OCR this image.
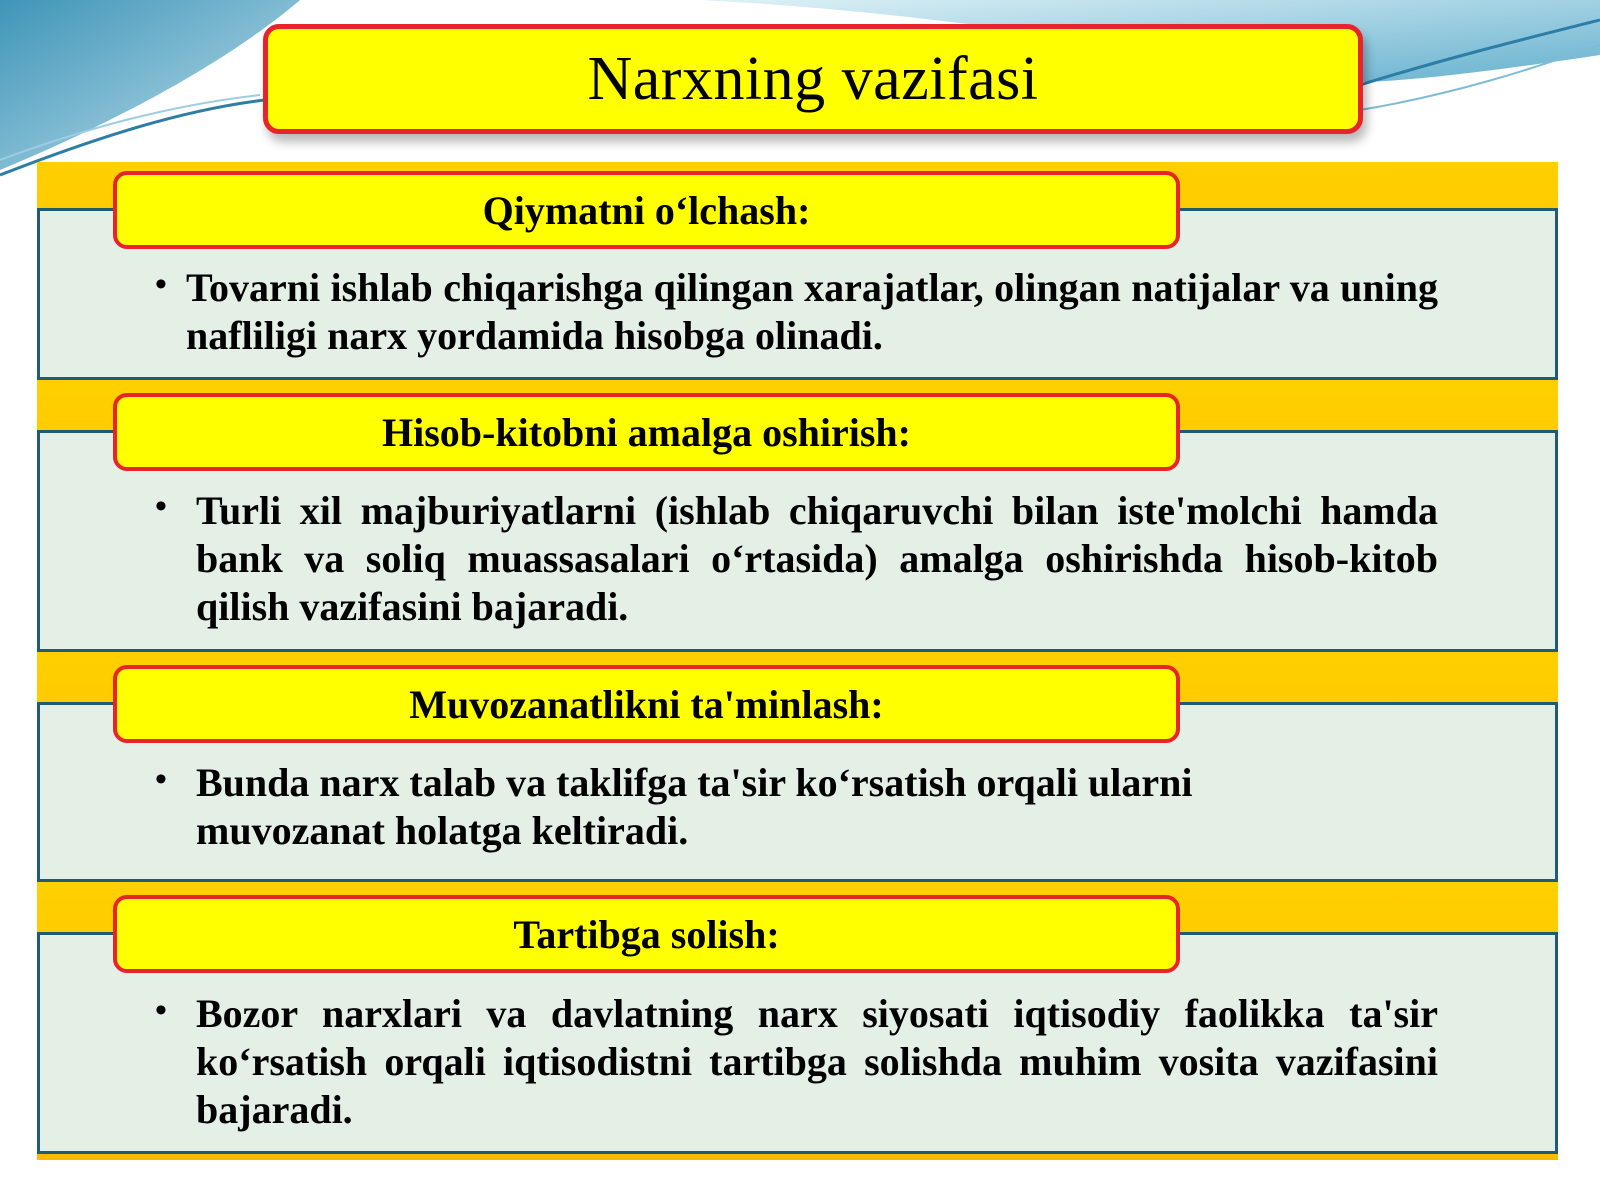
Narxning vazifasi
Qiymatni o‘lchash:
• Tovarni ishlab chiqarishga qilingan xarajatlar, olingan natijalar va uning nafliligi narx yordamida hisobga olinadi.
Hisob-kitobni amalga oshirish:
• Turli xil majburiyatlarni (ishlab chiqaruvchi bilan iste'molchi hamda bank va soliq muassasalari o‘rtasida) amalga oshirishda hisob-kitob qilish vazifasini bajaradi.
Muvozanatlikni ta'minlash:
• Bunda narx talab va taklifga ta'sir ko‘rsatish orqali ularni muvozanat holatga keltiradi.
Tartibga solish:
• Bozor narxlari va davlatning narx siyosati iqtisodiy faolikka ta'sir ko‘rsatish orqali iqtisodistni tartibga solishda muhim vosita vazifasini bajaradi.
